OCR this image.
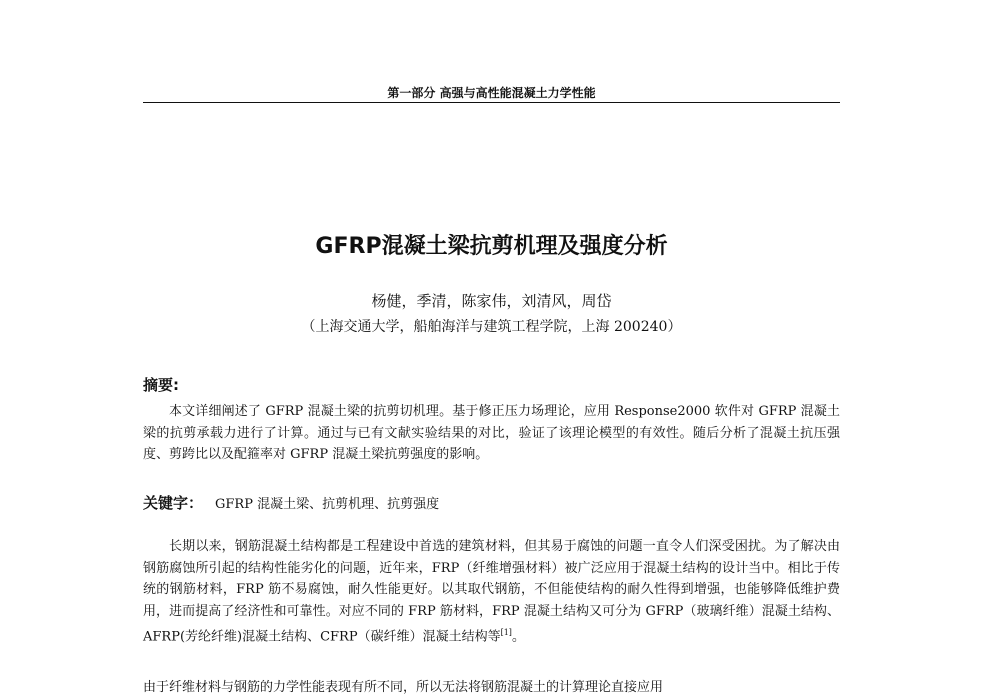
第一部分 高强与高性能混凝土力学性能
GFRP混凝土梁抗剪机理及强度分析
杨健，季清，陈家伟，刘清风，周岱
（上海交通大学，船舶海洋与建筑工程学院，上海 200240）
摘要:

本文详细阐述了 GFRP 混凝土梁的抗剪切机理。基于修正压力场理论，应用 Response2000 软件对 GFRP 混凝土梁的抗剪承载力进行了计算。通过与已有文献实验结果的对比，验证了该理论模型的有效性。随后分析了混凝土抗压强度、剪跨比以及配箍率对 GFRP 混凝土梁抗剪强度的影响。

关键字： GFRP 混凝土梁、抗剪机理、抗剪强度

长期以来，钢筋混凝土结构都是工程建设中首选的建筑材料，但其易于腐蚀的问题一直令人们深受困扰。为了解决由钢筋腐蚀所引起的结构性能劣化的问题，近年来，FRP（纤维增强材料）被广泛应用于混凝土结构的设计当中。相比于传统的钢筋材料，FRP 筋不易腐蚀，耐久性能更好。以其取代钢筋，不但能使结构的耐久性得到增强，也能够降低维护费用，进而提高了经济性和可靠性。对应不同的 FRP 筋材料，FRP 混凝土结构又可分为 GFRP（玻璃纤维）混凝土结构、AFRP(芳纶纤维)混凝土结构、CFRP（碳纤维）混凝土结构等[1]。

由于纤维材料与钢筋的力学性能表现有所不同，所以无法将钢筋混凝土的计算理论直接应用
